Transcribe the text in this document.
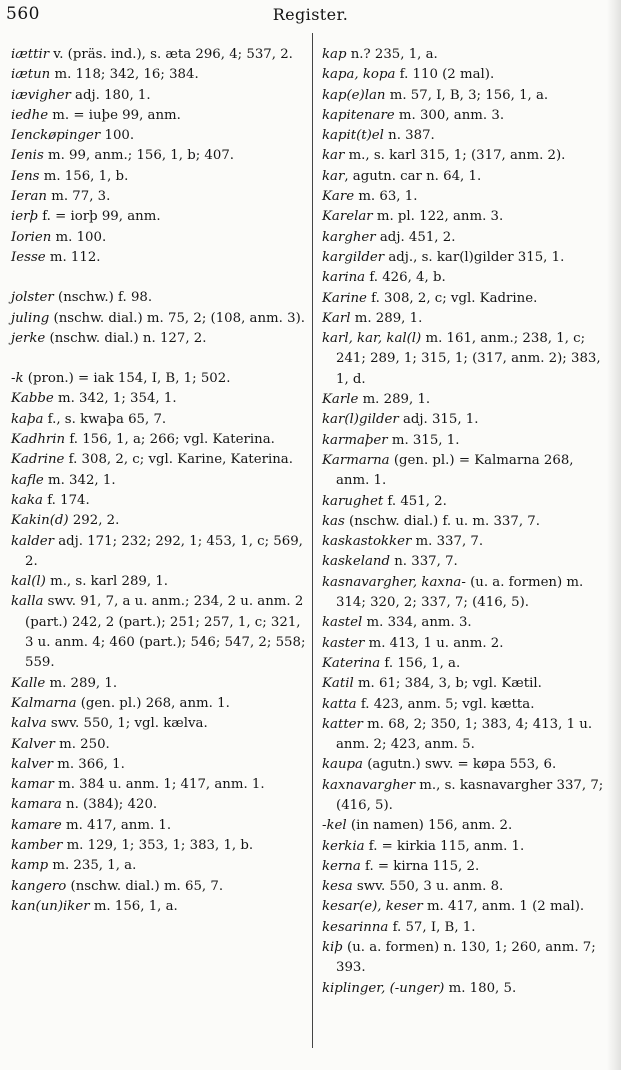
560	Register.
iættir v. (präs. ind.), s. æta 296, 4; 537, 2.
iætun m. 118; 342, 16; 384.
iævigher adj. 180, 1.
iedhe m. = iuþe 99, anm.
Ienckøpinger 100.
Ienis m. 99, anm.; 156, 1, b; 407.
Iens m. 156, 1, b.
Ieran m. 77, 3.
ierþ f. = iorþ 99, anm.
Iorien m. 100.
Iesse m. 112.
jolster (nschw.) f. 98.
juling (nschw. dial.) m. 75, 2; (108, anm. 3).
jerke (nschw. dial.) n. 127, 2.
-k (pron.) = iak 154, I, B, 1; 502.
Kabbe m. 342, 1; 354, 1.
kaþa f., s. kwaþa 65, 7.
Kadhrin f. 156, 1, a; 266; vgl. Katerina.
Kadrine f. 308, 2, c; vgl. Karine, Katerina.
kafle m. 342, 1.
kaka f. 174.
Kakin(d) 292, 2.
kalder adj. 171; 232; 292, 1; 453, 1, c; 569, 2.
kal(l) m., s. karl 289, 1.
kalla swv. 91, 7, a u. anm.; 234, 2 u. anm. 2 (part.) 242, 2 (part.); 251; 257, 1, c; 321, 3 u. anm. 4; 460 (part.); 546; 547, 2; 558; 559.
Kalle m. 289, 1.
Kalmarna (gen. pl.) 268, anm. 1.
kalva swv. 550, 1; vgl. kælva.
Kalver m. 250.
kalver m. 366, 1.
kamar m. 384 u. anm. 1; 417, anm. 1.
kamara n. (384); 420.
kamare m. 417, anm. 1.
kamber m. 129, 1; 353, 1; 383, 1, b.
kamp m. 235, 1, a.
kangero (nschw. dial.) m. 65, 7.
kan(un)iker m. 156, 1, a.
kap n.? 235, 1, a.
kapa, kopa f. 110 (2 mal).
kap(e)lan m. 57, I, B, 3; 156, 1, a.
kapitenare m. 300, anm. 3.
kapit(t)el n. 387.
kar m., s. karl 315, 1; (317, anm. 2).
kar, agutn. car n. 64, 1.
Kare m. 63, 1.
Karelar m. pl. 122, anm. 3.
kargher adj. 451, 2.
kargilder adj., s. kar(l)gilder 315, 1.
karina f. 426, 4, b.
Karine f. 308, 2, c; vgl. Kadrine.
Karl m. 289, 1.
karl, kar, kal(l) m. 161, anm.; 238, 1, c; 241; 289, 1; 315, 1; (317, anm. 2); 383, 1, d.
Karle m. 289, 1.
kar(l)gilder adj. 315, 1.
karmaþer m. 315, 1.
Karmarna (gen. pl.) = Kalmarna 268, anm. 1.
karughet f. 451, 2.
kas (nschw. dial.) f. u. m. 337, 7.
kaskastokker m. 337, 7.
kaskeland n. 337, 7.
kasnavargher, kaxna- (u. a. formen) m. 314; 320, 2; 337, 7; (416, 5).
kastel m. 334, anm. 3.
kaster m. 413, 1 u. anm. 2.
Katerina f. 156, 1, a.
Katil m. 61; 384, 3, b; vgl. Kætil.
katta f. 423, anm. 5; vgl. kætta.
katter m. 68, 2; 350, 1; 383, 4; 413, 1 u. anm. 2; 423, anm. 5.
kaupa (agutn.) swv. = køpa 553, 6.
kaxnavargher m., s. kasnavargher 337, 7; (416, 5).
-kel (in namen) 156, anm. 2.
kerkia f. = kirkia 115, anm. 1.
kerna f. = kirna 115, 2.
kesa swv. 550, 3 u. anm. 8.
kesar(e), keser m. 417, anm. 1 (2 mal).
kesarinna f. 57, I, B, 1.
kiþ (u. a. formen) n. 130, 1; 260, anm. 7; 393.
kiplinger, (-unger) m. 180, 5.
